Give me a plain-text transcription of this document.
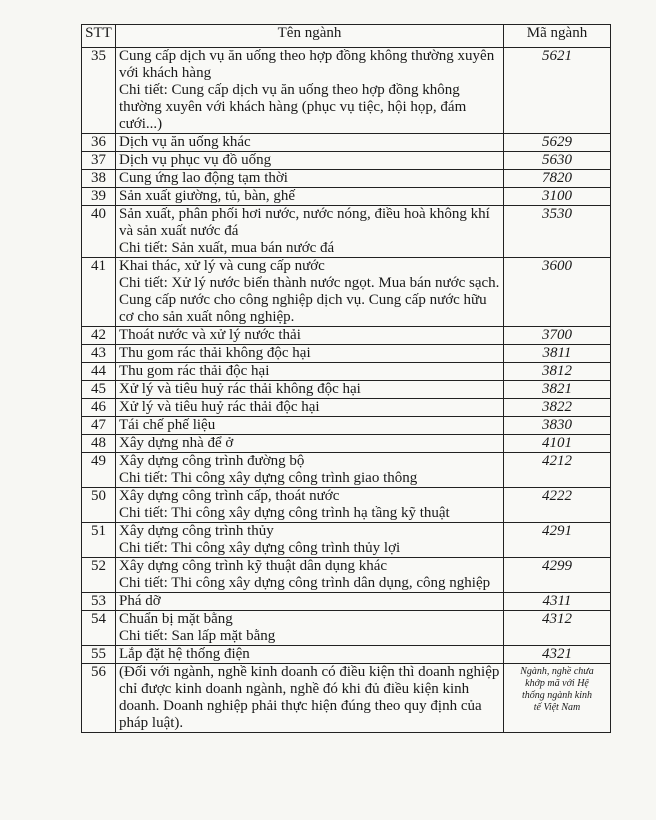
STT	Tên ngành	Mã ngành
35	Cung cấp dịch vụ ăn uống theo hợp đồng không thường xuyên
với khách hàng
Chi tiết: Cung cấp dịch vụ ăn uống theo hợp đồng không
thường xuyên với khách hàng (phục vụ tiệc, hội họp, đám
cưới...)	5621
36	Dịch vụ ăn uống khác	5629
37	Dịch vụ phục vụ đồ uống	5630
38	Cung ứng lao động tạm thời	7820
39	Sản xuất giường, tủ, bàn, ghế	3100
40	Sản xuất, phân phối hơi nước, nước nóng, điều hoà không khí
và sản xuất nước đá
Chi tiết: Sản xuất, mua bán nước đá	3530
41	Khai thác, xử lý và cung cấp nước
Chi tiết: Xử lý nước biển thành nước ngọt. Mua bán nước sạch.
Cung cấp nước cho công nghiệp dịch vụ. Cung cấp nước hữu
cơ cho sản xuất nông nghiệp.	3600
42	Thoát nước và xử lý nước thải	3700
43	Thu gom rác thải không độc hại	3811
44	Thu gom rác thải độc hại	3812
45	Xử lý và tiêu huỷ rác thải không độc hại	3821
46	Xử lý và tiêu huỷ rác thải độc hại	3822
47	Tái chế phế liệu	3830
48	Xây dựng nhà để ở	4101
49	Xây dựng công trình đường bộ
Chi tiết: Thi công xây dựng công trình giao thông	4212
50	Xây dựng công trình cấp, thoát nước
Chi tiết: Thi công xây dựng công trình hạ tầng kỹ thuật	4222
51	Xây dựng công trình thủy
Chi tiết: Thi công xây dựng công trình thủy lợi	4291
52	Xây dựng công trình kỹ thuật dân dụng khác
Chi tiết: Thi công xây dựng công trình dân dụng, công nghiệp	4299
53	Phá dỡ	4311
54	Chuẩn bị mặt bằng
Chi tiết: San lấp mặt bằng	4312
55	Lắp đặt hệ thống điện	4321
56	(Đối với ngành, nghề kinh doanh có điều kiện thì doanh nghiệp
chỉ được kinh doanh ngành, nghề đó khi đủ điều kiện kinh
doanh. Doanh nghiệp phải thực hiện đúng theo quy định của
pháp luật).	Ngành, nghề chưa
khớp mã với Hệ
thống ngành kinh
tế Việt Nam
